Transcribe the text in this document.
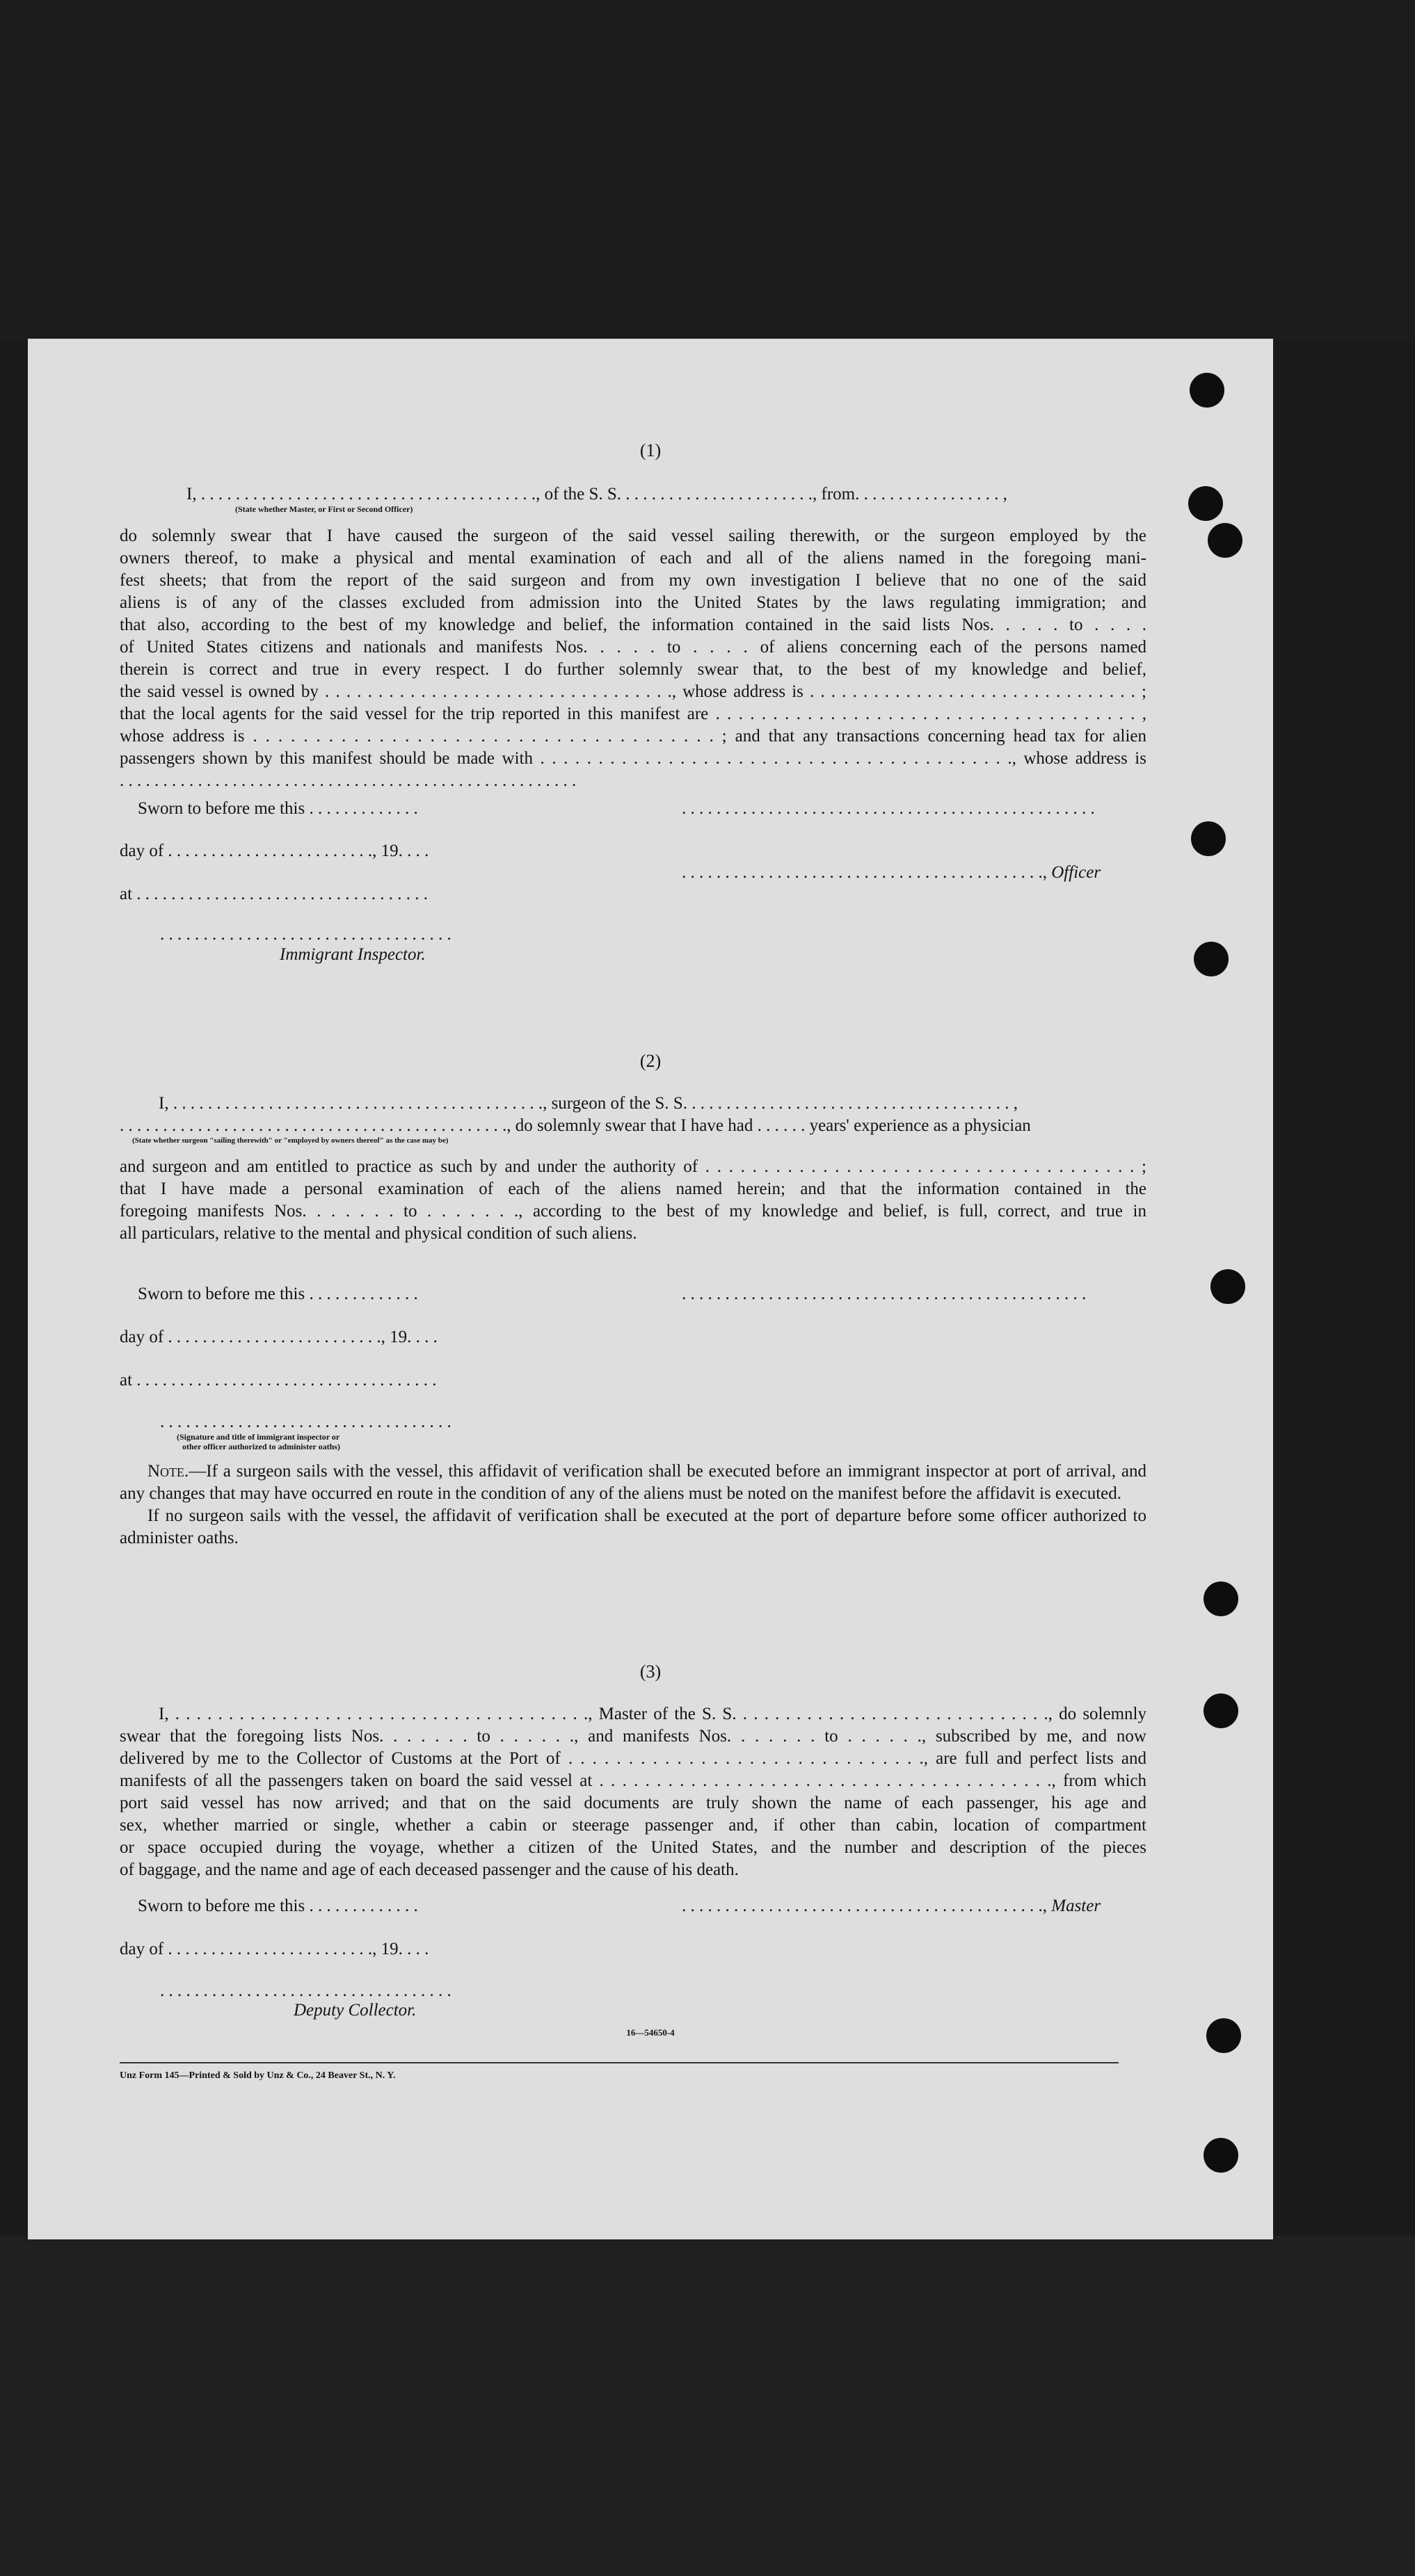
(1)
I, . . . . . . . . . . . . . . . . . . . . . . . . . . . . . . . . . . . . . . ., of the S. S. . . . . . . . . . . . . . . . . . . . . . ., from. . . . . . . . . . . . . . . . . ,
(State whether Master, or First or Second Officer)

do solemnly swear that I have caused the surgeon of the said vessel sailing therewith, or the surgeon employed by the

owners thereof, to make a physical and mental examination of each and all of the aliens named in the foregoing mani-

fest sheets; that from the report of the said surgeon and from my own investigation I believe that no one of the said

aliens is of any of the classes excluded from admission into the United States by the laws regulating immigration; and

that also, according to the best of my knowledge and belief, the information contained in the said lists Nos. . . . . to . . . .

of United States citizens and nationals and manifests Nos. . . . . to . . . . of aliens concerning each of the persons named

therein is correct and true in every respect. I do further solemnly swear that, to the best of my knowledge and belief,

the said vessel is owned by . . . . . . . . . . . . . . . . . . . . . . . . . . . . . . . . ., whose address is . . . . . . . . . . . . . . . . . . . . . . . . . . . . . . . ;

that the local agents for the said vessel for the trip reported in this manifest are . . . . . . . . . . . . . . . . . . . . . . . . . . . . . . . . . . . . . ,

whose address is . . . . . . . . . . . . . . . . . . . . . . . . . . . . . . . . . . . . . ; and that any transactions concerning head tax for alien

passengers shown by this manifest should be made with . . . . . . . . . . . . . . . . . . . . . . . . . . . . . . . . . . . . . . . . ., whose address is

. . . . . . . . . . . . . . . . . . . . . . . . . . . . . . . . . . . . . . . . . . . . . . . . . . . . .

Sworn to before me this . . . . . . . . . . . . .	. . . . . . . . . . . . . . . . . . . . . . . . . . . . . . . . . . . . . . . . . . . . . . . .
day of . . . . . . . . . . . . . . . . . . . . . . . ., 19. . . .
. . . . . . . . . . . . . . . . . . . . . . . . . . . . . . . . . . . . . . . . . ., Officer
at . . . . . . . . . . . . . . . . . . . . . . . . . . . . . . . . . .
. . . . . . . . . . . . . . . . . . . . . . . . . . . . . . . . . .
Immigrant Inspector.
(2)
I, . . . . . . . . . . . . . . . . . . . . . . . . . . . . . . . . . . . . . . . . . . ., surgeon of the S. S. . . . . . . . . . . . . . . . . . . . . . . . . . . . . . . . . . . . . . ,
. . . . . . . . . . . . . . . . . . . . . . . . . . . . . . . . . . . . . . . . . . . . ., do solemnly swear that I have had . . . . . . years' experience as a physician
(State whether surgeon "sailing therewith" or "employed by owners thereof" as the case may be)

and surgeon and am entitled to practice as such by and under the authority of . . . . . . . . . . . . . . . . . . . . . . . . . . . . . . . . . . . . . ;

that I have made a personal examination of each of the aliens named herein; and that the information contained in the

foregoing manifests Nos. . . . . . . to . . . . . . ., according to the best of my knowledge and belief, is full, correct, and true in

all particulars, relative to the mental and physical condition of such aliens.

Sworn to before me this . . . . . . . . . . . . .	. . . . . . . . . . . . . . . . . . . . . . . . . . . . . . . . . . . . . . . . . . . . . . .
day of . . . . . . . . . . . . . . . . . . . . . . . . ., 19. . . .
at . . . . . . . . . . . . . . . . . . . . . . . . . . . . . . . . . . .
. . . . . . . . . . . . . . . . . . . . . . . . . . . . . . . . . .
(Signature and title of immigrant inspector or
other officer authorized to administer oaths)

Note.—If a surgeon sails with the vessel, this affidavit of verification shall be executed before an immigrant inspector at port of arrival, and any changes that may have occurred en route in the condition of any of the aliens must be noted on the manifest before the affidavit is executed.

If no surgeon sails with the vessel, the affidavit of verification shall be executed at the port of departure before some officer authorized to administer oaths.

(3)

I, . . . . . . . . . . . . . . . . . . . . . . . . . . . . . . . . . . . . . . ., Master of the S. S. . . . . . . . . . . . . . . . . . . . . . . . . . . . . ., do solemnly

swear that the foregoing lists Nos. . . . . . . to . . . . . ., and manifests Nos. . . . . . . to . . . . . ., subscribed by me, and now

delivered by me to the Collector of Customs at the Port of . . . . . . . . . . . . . . . . . . . . . . . . . . . . . ., are full and perfect lists and

manifests of all the passengers taken on board the said vessel at . . . . . . . . . . . . . . . . . . . . . . . . . . . . . . . . . . . . . . . ., from which

port said vessel has now arrived; and that on the said documents are truly shown the name of each passenger, his age and

sex, whether married or single, whether a cabin or steerage passenger and, if other than cabin, location of compartment

or space occupied during the voyage, whether a citizen of the United States, and the number and description of the pieces

of baggage, and the name and age of each deceased passenger and the cause of his death.

Sworn to before me this . . . . . . . . . . . . .	. . . . . . . . . . . . . . . . . . . . . . . . . . . . . . . . . . . . . . . . . ., Master
day of . . . . . . . . . . . . . . . . . . . . . . . ., 19. . . .
. . . . . . . . . . . . . . . . . . . . . . . . . . . . . . . . . .
Deputy Collector.
16—54650-4
Unz Form 145—Printed & Sold by Unz & Co., 24 Beaver St., N. Y.
